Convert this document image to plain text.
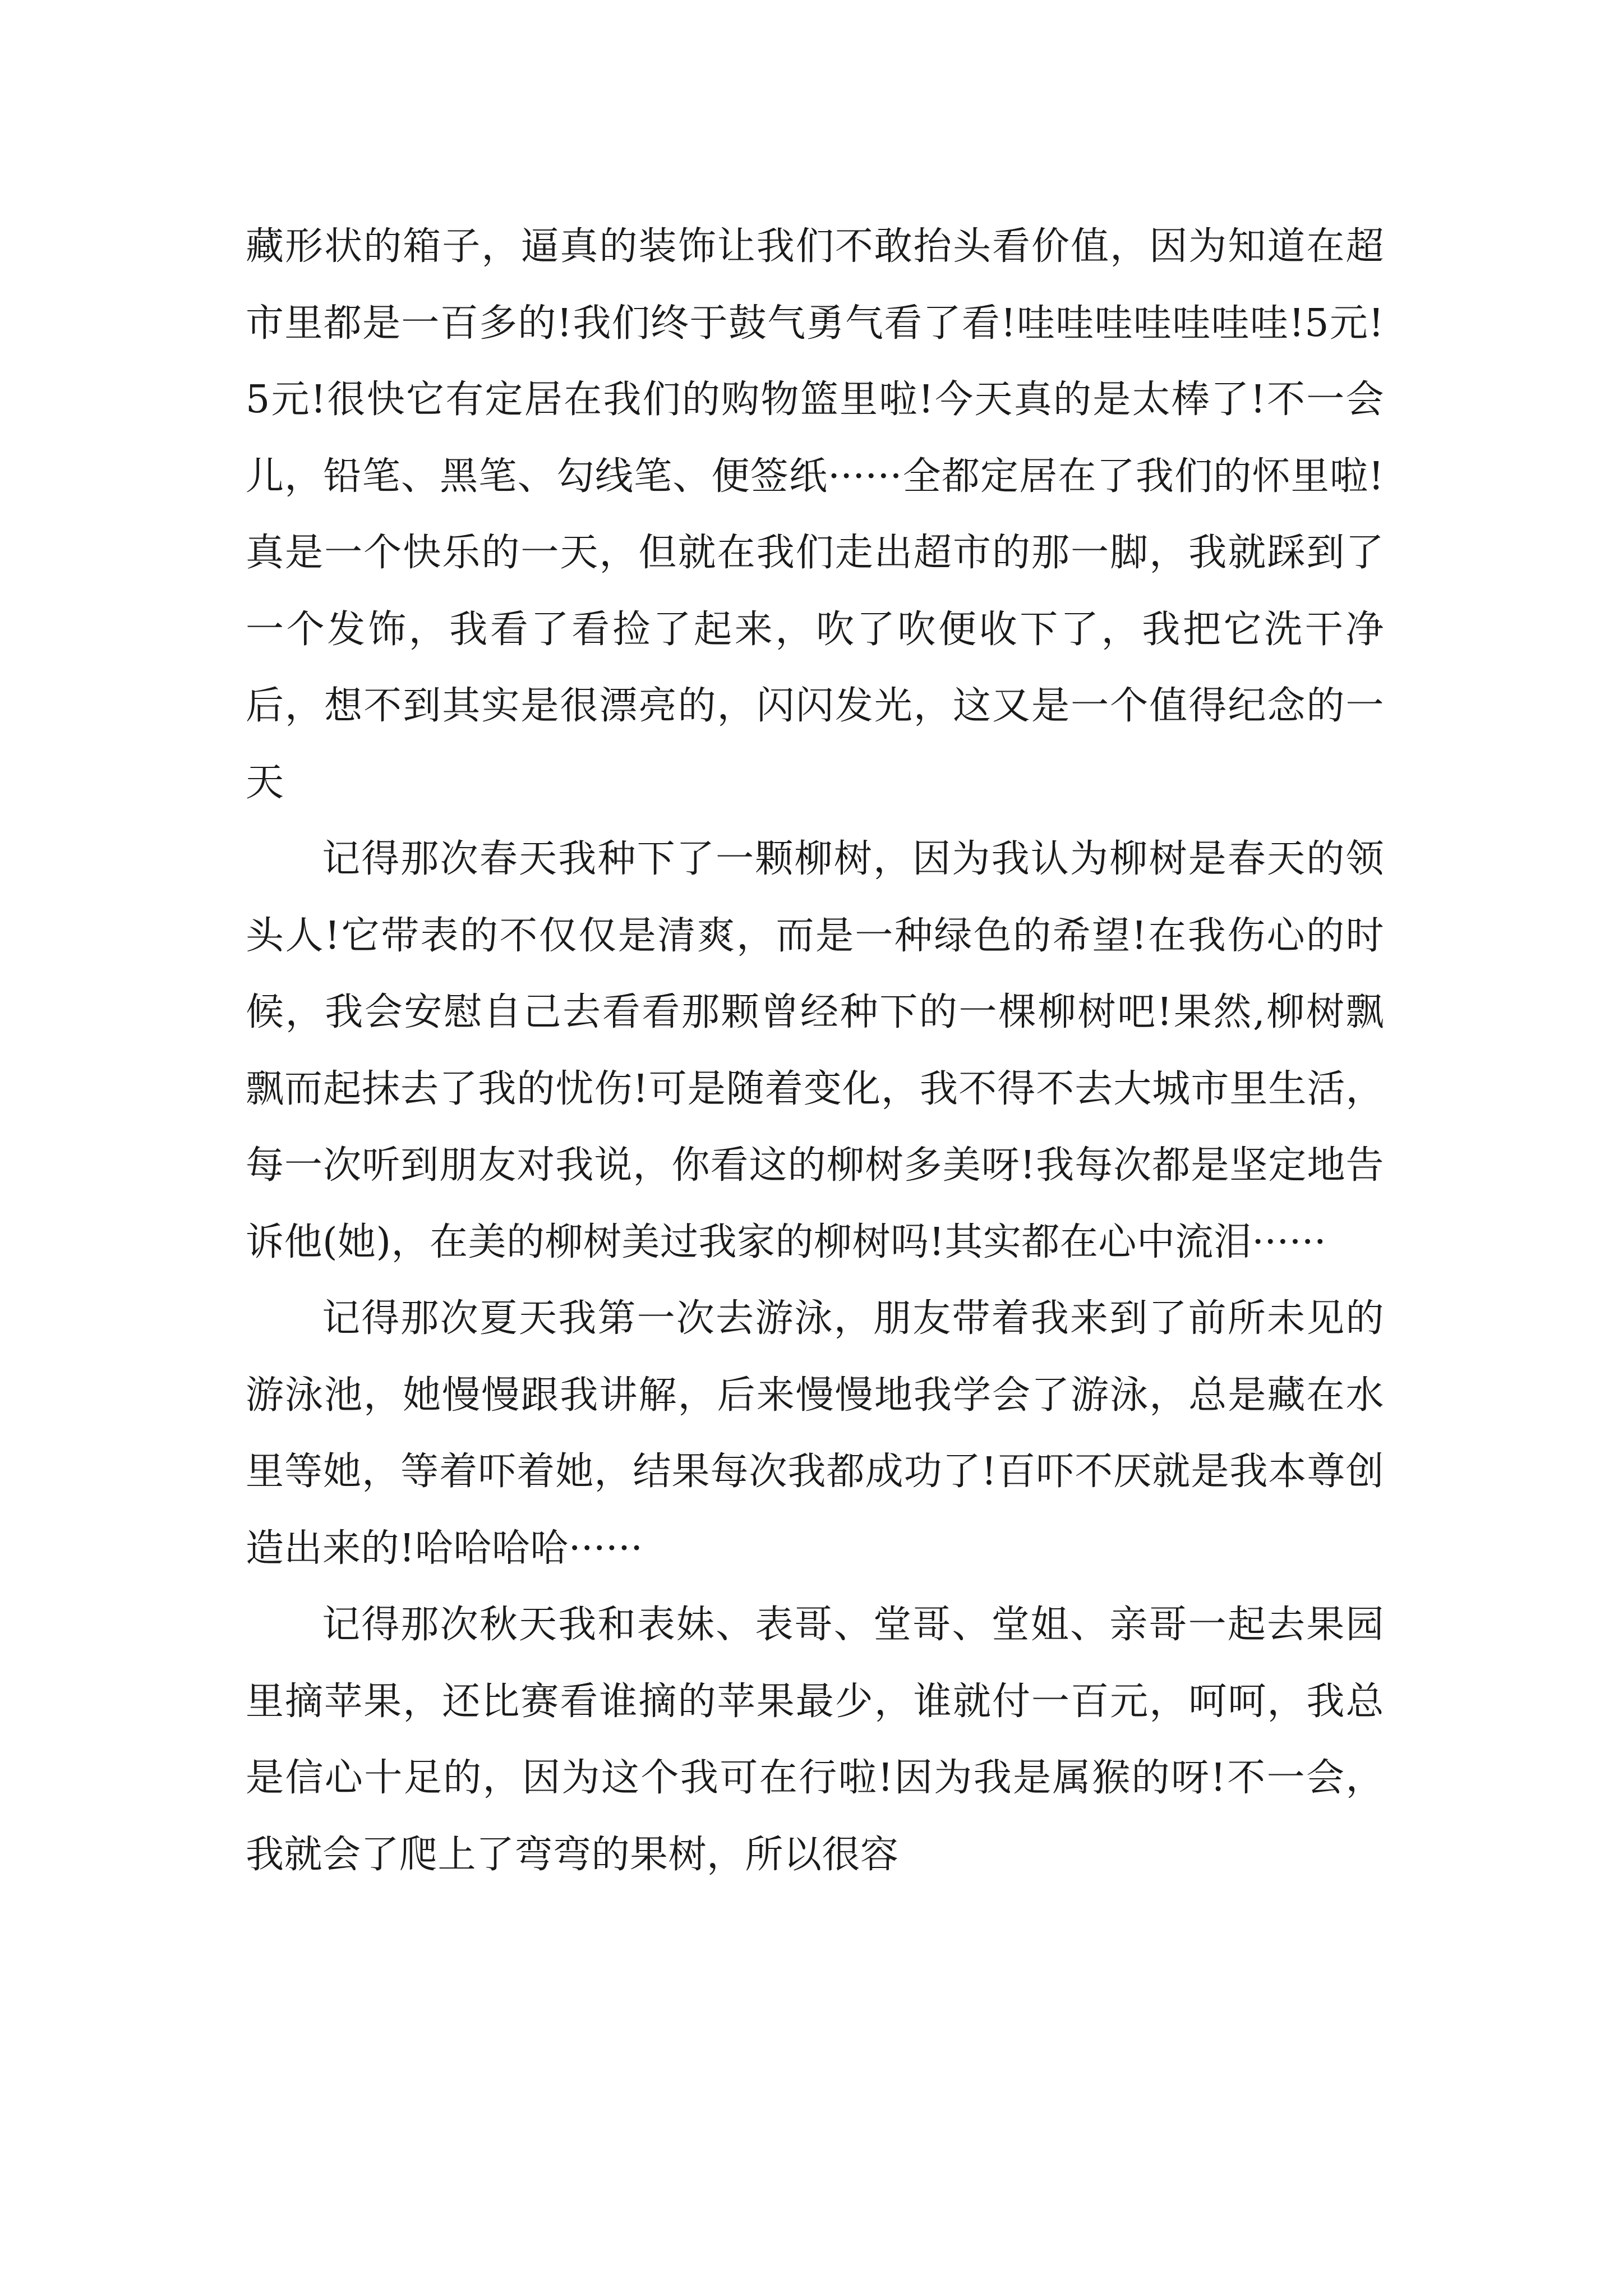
藏形状的箱子，逼真的装饰让我们不敢抬头看价值，因为知道在超市里都是一百多的!我们终于鼓气勇气看了看!哇哇哇哇哇哇哇!5元!5元!很快它有定居在我们的购物篮里啦!今天真的是太棒了!不一会儿，铅笔、黑笔、勾线笔、便签纸······全都定居在了我们的怀里啦!真是一个快乐的一天，但就在我们走出超市的那一脚，我就踩到了一个发饰，我看了看捡了起来，吹了吹便收下了，我把它洗干净后，想不到其实是很漂亮的，闪闪发光，这又是一个值得纪念的一天

记得那次春天我种下了一颗柳树，因为我认为柳树是春天的领头人!它带表的不仅仅是清爽，而是一种绿色的希望!在我伤心的时候，我会安慰自己去看看那颗曾经种下的一棵柳树吧!果然,柳树飘飘而起抹去了我的忧伤!可是随着变化，我不得不去大城市里生活，每一次听到朋友对我说，你看这的柳树多美呀!我每次都是坚定地告诉他(她)，在美的柳树美过我家的柳树吗!其实都在心中流泪······

记得那次夏天我第一次去游泳，朋友带着我来到了前所未见的游泳池，她慢慢跟我讲解，后来慢慢地我学会了游泳，总是藏在水里等她，等着吓着她，结果每次我都成功了!百吓不厌就是我本尊创造出来的!哈哈哈哈······

记得那次秋天我和表妹、表哥、堂哥、堂姐、亲哥一起去果园里摘苹果，还比赛看谁摘的苹果最少，谁就付一百元，呵呵，我总是信心十足的，因为这个我可在行啦!因为我是属猴的呀!不一会，我就会了爬上了弯弯的果树，所以很容
